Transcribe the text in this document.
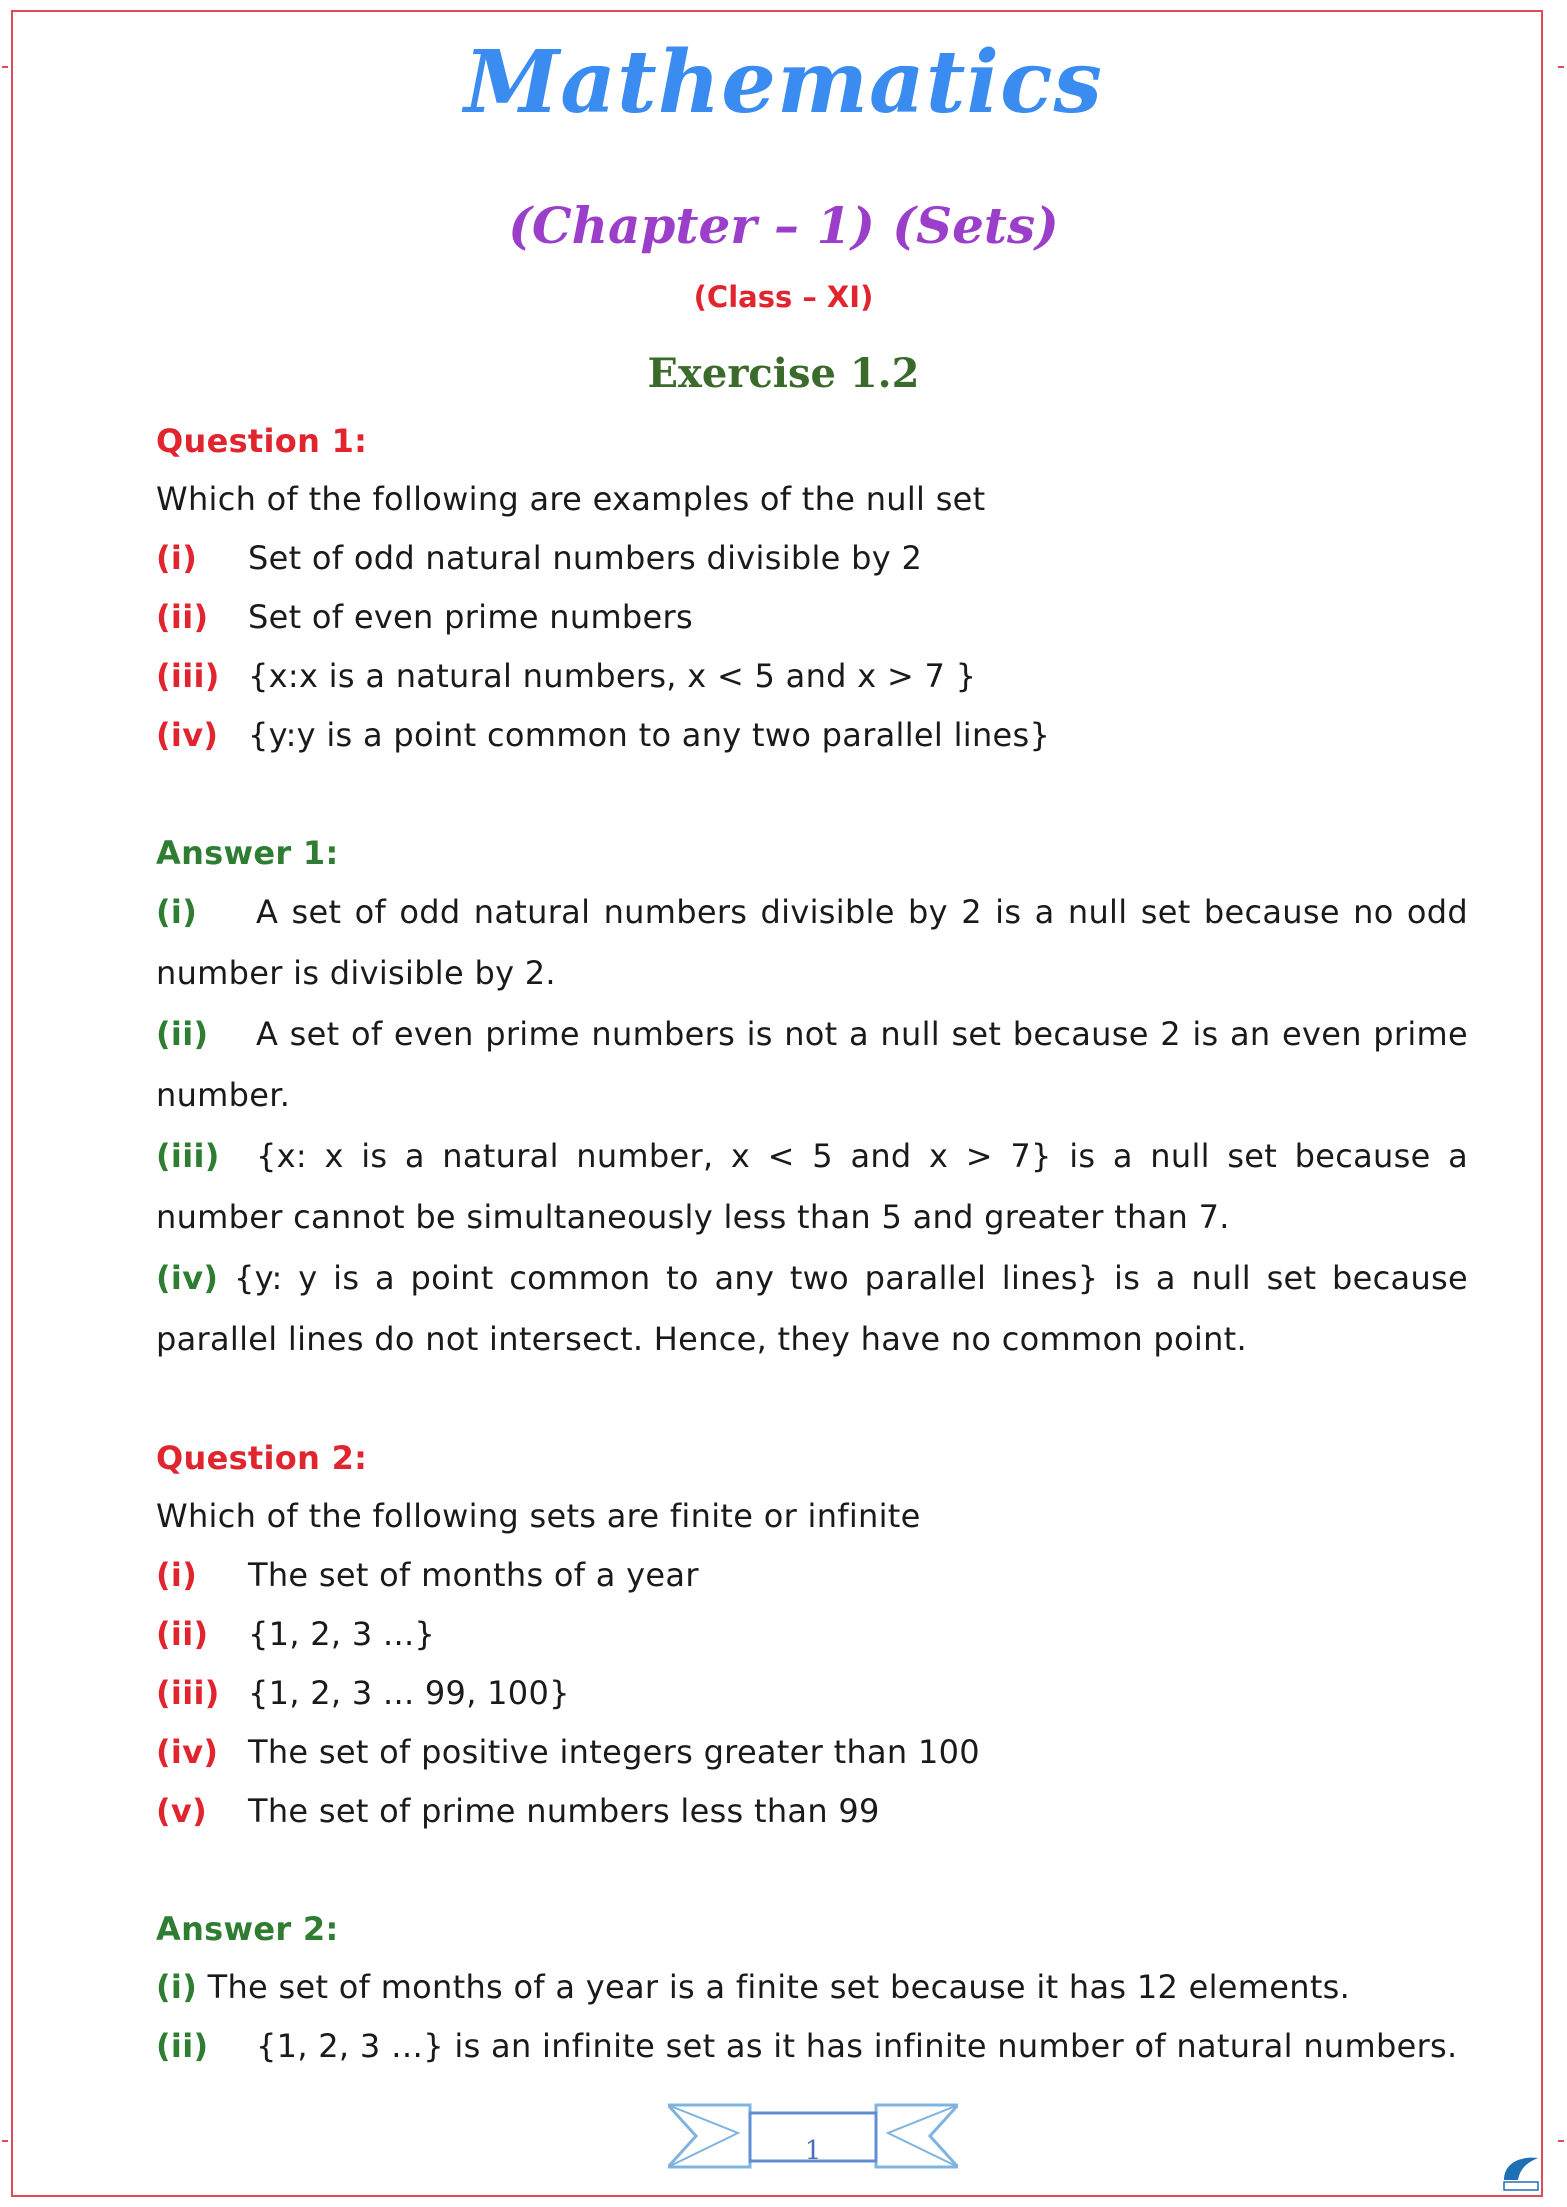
Mathematics
(Chapter – 1) (Sets)
(Class – XI)
Exercise 1.2
Question 1:
Which of the following are examples of the null set
(i) Set of odd natural numbers divisible by 2
(ii) Set of even prime numbers
(iii) {x:x is a natural numbers, x < 5 and x > 7 }
(iv) {y:y is a point common to any two parallel lines}
Answer 1:
(i) A set of odd natural numbers divisible by 2 is a null set because no odd number is divisible by 2.
(ii) A set of even prime numbers is not a null set because 2 is an even prime number.
(iii) {x: x is a natural number, x < 5 and x > 7} is a null set because a number cannot be simultaneously less than 5 and greater than 7.
(iv) {y: y is a point common to any two parallel lines} is a null set because parallel lines do not intersect. Hence, they have no common point.
Question 2:
Which of the following sets are finite or infinite
(i) The set of months of a year
(ii) {1, 2, 3 ...}
(iii) {1, 2, 3 ... 99, 100}
(iv) The set of positive integers greater than 100
(v) The set of prime numbers less than 99
Answer 2:
(i) The set of months of a year is a finite set because it has 12 elements.
(ii) {1, 2, 3 …} is an infinite set as it has infinite number of natural numbers.
1
